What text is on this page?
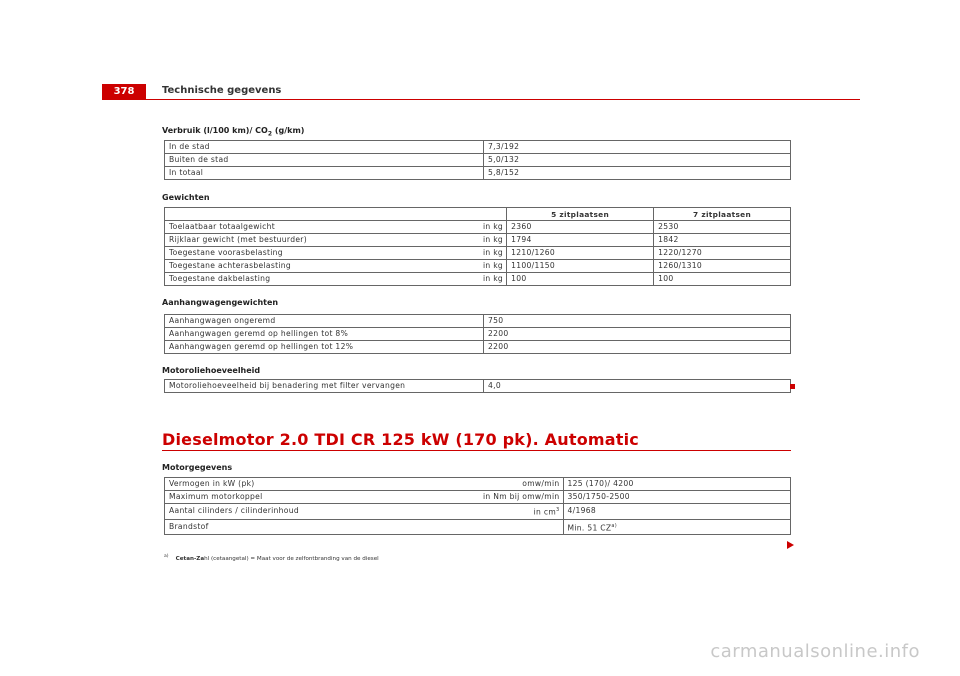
378	Technische gegevens
Verbruik (l/100 km)/ $CO_2$ (g/km)
In de stad	7,3/192
Buiten de stad	5,0/132
In totaal	5,8/152
Gewichten
		5 zitplaatsen	7 zitplaatsen
Toelaatbaar totaalgewicht	in kg	2360	2530
Rijklaar gewicht (met bestuurder)	in kg	1794	1842
Toegestane voorasbelasting	in kg	1210/1260	1220/1270
Toegestane achterasbelasting	in kg	1100/1150	1260/1310
Toegestane dakbelasting	in kg	100	100
Aanhangwagengewichten
Aanhangwagen ongeremd	750
Aanhangwagen geremd op hellingen tot 8%	2200
Aanhangwagen geremd op hellingen tot 12%	2200
Motoroliehoeveelheid
Motoroliehoeveelheid bij benadering met filter vervangen	4,0
Dieselmotor 2.0 TDI CR 125 kW (170 pk). Automatic
Motorgegevens
Vermogen in kW (pk)	omw/min	125 (170)/ 4200
Maximum motorkoppel	in Nm bij omw/min	350/1750-2500
Aantal cilinders / cilinderinhoud	in $cm^3$	4/1968
Brandstof		Min. 51 CZ$^{a)}$
$^{a)}$ Cetan-Zahl (cetaangetal) = Maat voor de zelfontbranding van de diesel
carmanualsonline.info
